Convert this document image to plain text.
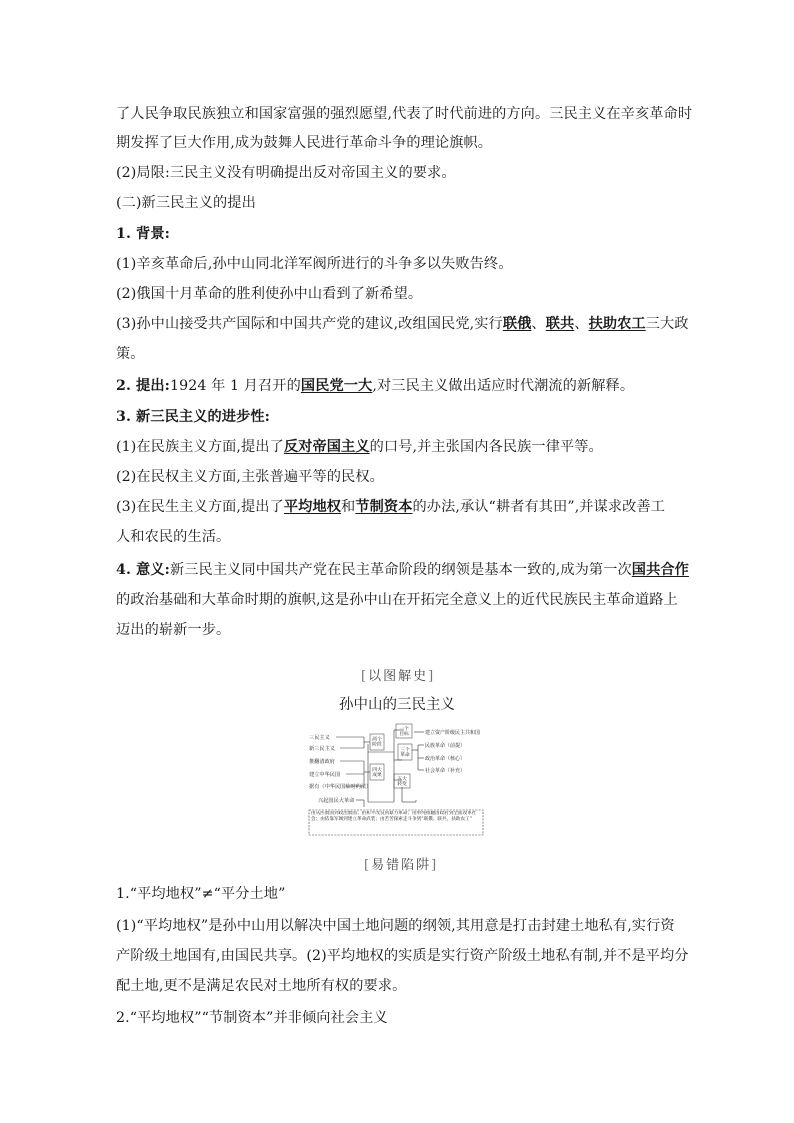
了人民争取民族独立和国家富强的强烈愿望,代表了时代前进的方向。三民主义在辛亥革命时
期发挥了巨大作用,成为鼓舞人民进行革命斗争的理论旗帜。
(2)局限:三民主义没有明确提出反对帝国主义的要求。
(二)新三民主义的提出
1. 背景:
(1)辛亥革命后,孙中山同北洋军阀所进行的斗争多以失败告终。
(2)俄国十月革命的胜利使孙中山看到了新希望。
(3)孙中山接受共产国际和中国共产党的建议,改组国民党,实行联俄、联共、扶助农工三大政
策。
2. 提出:1924 年 1 月召开的国民党一大,对三民主义做出适应时代潮流的新解释。
3. 新三民主义的进步性:
(1)在民族主义方面,提出了反对帝国主义的口号,并主张国内各民族一律平等。
(2)在民权主义方面,主张普遍平等的民权。
(3)在民生主义方面,提出了平均地权和节制资本的办法,承认“耕者有其田”,并谋求改善工
人和农民的生活。
4. 意义:新三民主义同中国共产党在民主革命阶段的纲领是基本一致的,成为第一次国共合作
的政治基础和大革命时期的旗帜,这是孙中山在开拓完全意义上的近代民族民主革命道路上
迈出的崭新一步。
[以图解史]
孙中山的三民主义
三民主义
新三民主义
推翻清政府
建立中华民国
据有（中华民国临时约法）
兴起国民大革命
两个阶段
四大成果
一个目标
三个革命
五大转变
建立资产阶级民主共和国
民族革命（前提）
政治革命（核心）
社会革命（补充）
由从医救国到政治救国；由和平改良到暴力革命；由单纯推翻清政府到全面改革社会；由依靠军阀到建立革命武装；由苦苦探索走斗争到“联俄、联共、扶助农工”
[易错陷阱]
1.“平均地权”≠“平分土地”
(1)“平均地权”是孙中山用以解决中国土地问题的纲领,其用意是打击封建土地私有,实行资
产阶级土地国有,由国民共享。(2)平均地权的实质是实行资产阶级土地私有制,并不是平均分
配土地,更不是满足农民对土地所有权的要求。
2.“平均地权”“节制资本”并非倾向社会主义
